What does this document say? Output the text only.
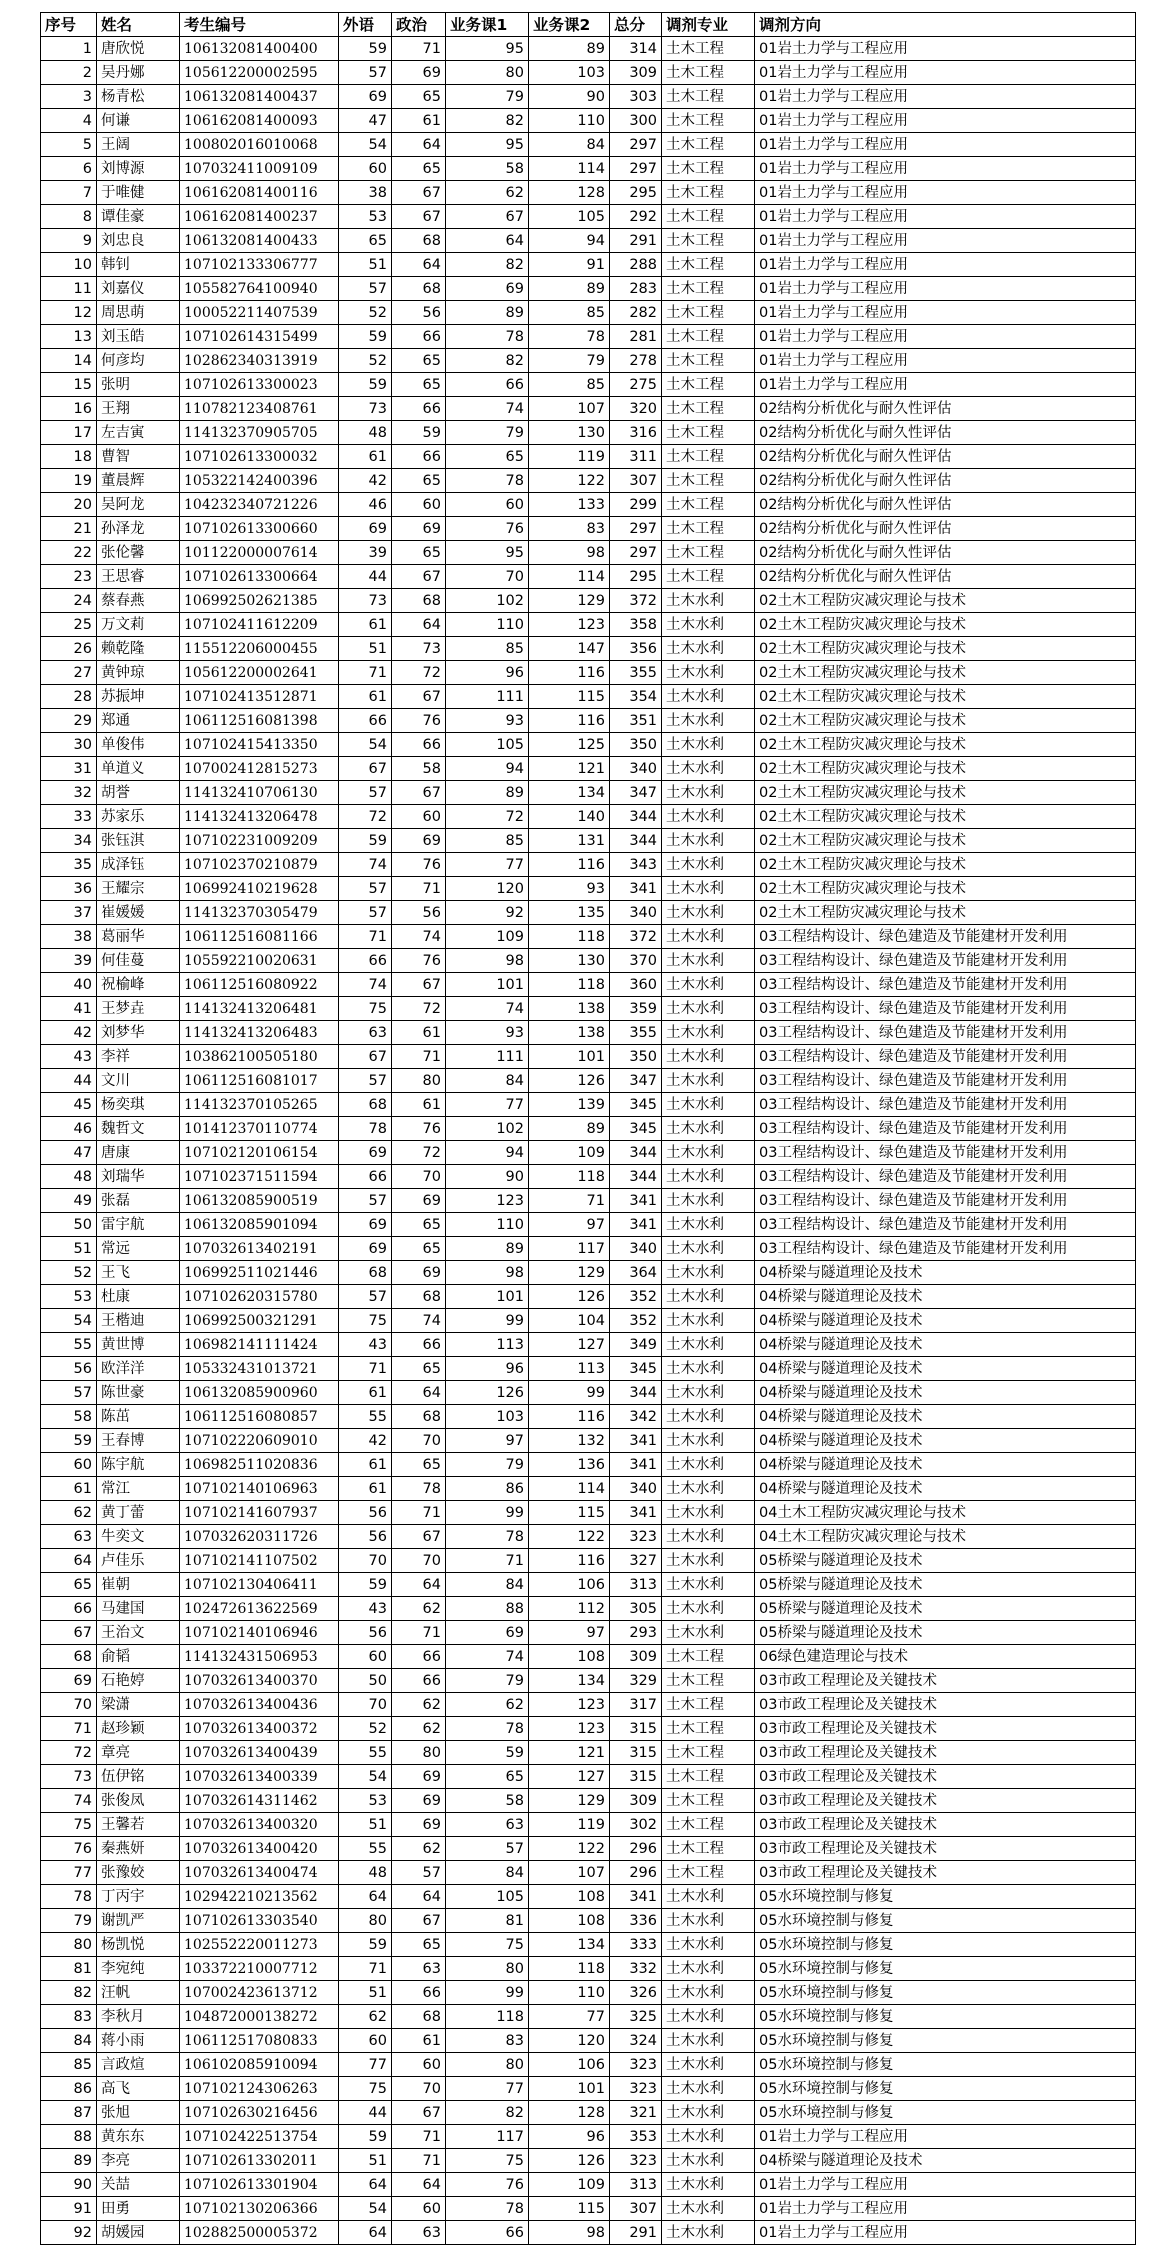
序号	姓名	考生编号	外语	政治	业务课1	业务课2	总分	调剂专业	调剂方向
1	唐欣悦	106132081400400	59	71	95	89	314	土木工程	01岩土力学与工程应用
2	吴丹娜	105612200002595	57	69	80	103	309	土木工程	01岩土力学与工程应用
3	杨青松	106132081400437	69	65	79	90	303	土木工程	01岩土力学与工程应用
4	何谦	106162081400093	47	61	82	110	300	土木工程	01岩土力学与工程应用
5	王阔	100802016010068	54	64	95	84	297	土木工程	01岩土力学与工程应用
6	刘博源	107032411009109	60	65	58	114	297	土木工程	01岩土力学与工程应用
7	于唯健	106162081400116	38	67	62	128	295	土木工程	01岩土力学与工程应用
8	谭佳豪	106162081400237	53	67	67	105	292	土木工程	01岩土力学与工程应用
9	刘忠良	106132081400433	65	68	64	94	291	土木工程	01岩土力学与工程应用
10	韩钊	107102133306777	51	64	82	91	288	土木工程	01岩土力学与工程应用
11	刘嘉仪	105582764100940	57	68	69	89	283	土木工程	01岩土力学与工程应用
12	周思萌	100052211407539	52	56	89	85	282	土木工程	01岩土力学与工程应用
13	刘玉皓	107102614315499	59	66	78	78	281	土木工程	01岩土力学与工程应用
14	何彦均	102862340313919	52	65	82	79	278	土木工程	01岩土力学与工程应用
15	张明	107102613300023	59	65	66	85	275	土木工程	01岩土力学与工程应用
16	王翔	110782123408761	73	66	74	107	320	土木工程	02结构分析优化与耐久性评估
17	左吉寅	114132370905705	48	59	79	130	316	土木工程	02结构分析优化与耐久性评估
18	曹智	107102613300032	61	66	65	119	311	土木工程	02结构分析优化与耐久性评估
19	董晨辉	105322142400396	42	65	78	122	307	土木工程	02结构分析优化与耐久性评估
20	吴阿龙	104232340721226	46	60	60	133	299	土木工程	02结构分析优化与耐久性评估
21	孙泽龙	107102613300660	69	69	76	83	297	土木工程	02结构分析优化与耐久性评估
22	张伦馨	101122000007614	39	65	95	98	297	土木工程	02结构分析优化与耐久性评估
23	王思睿	107102613300664	44	67	70	114	295	土木工程	02结构分析优化与耐久性评估
24	蔡春燕	106992502621385	73	68	102	129	372	土木水利	02土木工程防灾减灾理论与技术
25	万文莉	107102411612209	61	64	110	123	358	土木水利	02土木工程防灾减灾理论与技术
26	赖乾隆	115512206000455	51	73	85	147	356	土木水利	02土木工程防灾减灾理论与技术
27	黄钟琼	105612200002641	71	72	96	116	355	土木水利	02土木工程防灾减灾理论与技术
28	苏振坤	107102413512871	61	67	111	115	354	土木水利	02土木工程防灾减灾理论与技术
29	郑通	106112516081398	66	76	93	116	351	土木水利	02土木工程防灾减灾理论与技术
30	单俊伟	107102415413350	54	66	105	125	350	土木水利	02土木工程防灾减灾理论与技术
31	单道义	107002412815273	67	58	94	121	340	土木水利	02土木工程防灾减灾理论与技术
32	胡誉	114132410706130	57	67	89	134	347	土木水利	02土木工程防灾减灾理论与技术
33	苏家乐	114132413206478	72	60	72	140	344	土木水利	02土木工程防灾减灾理论与技术
34	张钰淇	107102231009209	59	69	85	131	344	土木水利	02土木工程防灾减灾理论与技术
35	成泽钰	107102370210879	74	76	77	116	343	土木水利	02土木工程防灾减灾理论与技术
36	王耀宗	106992410219628	57	71	120	93	341	土木水利	02土木工程防灾减灾理论与技术
37	崔媛媛	114132370305479	57	56	92	135	340	土木水利	02土木工程防灾减灾理论与技术
38	葛丽华	106112516081166	71	74	109	118	372	土木水利	03工程结构设计、绿色建造及节能建材开发利用
39	何佳蔓	105592210020631	66	76	98	130	370	土木水利	03工程结构设计、绿色建造及节能建材开发利用
40	祝榆峰	106112516080922	74	67	101	118	360	土木水利	03工程结构设计、绿色建造及节能建材开发利用
41	王梦垚	114132413206481	75	72	74	138	359	土木水利	03工程结构设计、绿色建造及节能建材开发利用
42	刘梦华	114132413206483	63	61	93	138	355	土木水利	03工程结构设计、绿色建造及节能建材开发利用
43	李祥	103862100505180	67	71	111	101	350	土木水利	03工程结构设计、绿色建造及节能建材开发利用
44	文川	106112516081017	57	80	84	126	347	土木水利	03工程结构设计、绿色建造及节能建材开发利用
45	杨奕琪	114132370105265	68	61	77	139	345	土木水利	03工程结构设计、绿色建造及节能建材开发利用
46	魏哲文	101412370110774	78	76	102	89	345	土木水利	03工程结构设计、绿色建造及节能建材开发利用
47	唐康	107102120106154	69	72	94	109	344	土木水利	03工程结构设计、绿色建造及节能建材开发利用
48	刘瑞华	107102371511594	66	70	90	118	344	土木水利	03工程结构设计、绿色建造及节能建材开发利用
49	张磊	106132085900519	57	69	123	71	341	土木水利	03工程结构设计、绿色建造及节能建材开发利用
50	雷宇航	106132085901094	69	65	110	97	341	土木水利	03工程结构设计、绿色建造及节能建材开发利用
51	常远	107032613402191	69	65	89	117	340	土木水利	03工程结构设计、绿色建造及节能建材开发利用
52	王飞	106992511021446	68	69	98	129	364	土木水利	04桥梁与隧道理论及技术
53	杜康	107102620315780	57	68	101	126	352	土木水利	04桥梁与隧道理论及技术
54	王楷迪	106992500321291	75	74	99	104	352	土木水利	04桥梁与隧道理论及技术
55	黄世博	106982141111424	43	66	113	127	349	土木水利	04桥梁与隧道理论及技术
56	欧洋洋	105332431013721	71	65	96	113	345	土木水利	04桥梁与隧道理论及技术
57	陈世豪	106132085900960	61	64	126	99	344	土木水利	04桥梁与隧道理论及技术
58	陈茁	106112516080857	55	68	103	116	342	土木水利	04桥梁与隧道理论及技术
59	王春博	107102220609010	42	70	97	132	341	土木水利	04桥梁与隧道理论及技术
60	陈宇航	106982511020836	61	65	79	136	341	土木水利	04桥梁与隧道理论及技术
61	常江	107102140106963	61	78	86	114	340	土木水利	04桥梁与隧道理论及技术
62	黄丁蕾	107102141607937	56	71	99	115	341	土木水利	04土木工程防灾减灾理论与技术
63	牛奕文	107032620311726	56	67	78	122	323	土木水利	04土木工程防灾减灾理论与技术
64	卢佳乐	107102141107502	70	70	71	116	327	土木水利	05桥梁与隧道理论及技术
65	崔朝	107102130406411	59	64	84	106	313	土木水利	05桥梁与隧道理论及技术
66	马建国	102472613622569	43	62	88	112	305	土木水利	05桥梁与隧道理论及技术
67	王治文	107102140106946	56	71	69	97	293	土木水利	05桥梁与隧道理论及技术
68	俞韬	114132431506953	60	66	74	108	309	土木工程	06绿色建造理论与技术
69	石艳婷	107032613400370	50	66	79	134	329	土木工程	03市政工程理论及关键技术
70	梁潇	107032613400436	70	62	62	123	317	土木工程	03市政工程理论及关键技术
71	赵珍颖	107032613400372	52	62	78	123	315	土木工程	03市政工程理论及关键技术
72	章亮	107032613400439	55	80	59	121	315	土木工程	03市政工程理论及关键技术
73	伍伊铭	107032613400339	54	69	65	127	315	土木工程	03市政工程理论及关键技术
74	张俊凤	107032614311462	53	69	58	129	309	土木工程	03市政工程理论及关键技术
75	王馨若	107032613400320	51	69	63	119	302	土木工程	03市政工程理论及关键技术
76	秦燕妍	107032613400420	55	62	57	122	296	土木工程	03市政工程理论及关键技术
77	张豫姣	107032613400474	48	57	84	107	296	土木工程	03市政工程理论及关键技术
78	丁丙宇	102942210213562	64	64	105	108	341	土木水利	05水环境控制与修复
79	谢凯严	107102613303540	80	67	81	108	336	土木水利	05水环境控制与修复
80	杨凯悦	102552220011273	59	65	75	134	333	土木水利	05水环境控制与修复
81	李宛纯	103372210007712	71	63	80	118	332	土木水利	05水环境控制与修复
82	汪帆	107002423613712	51	66	99	110	326	土木水利	05水环境控制与修复
83	李秋月	104872000138272	62	68	118	77	325	土木水利	05水环境控制与修复
84	蒋小雨	106112517080833	60	61	83	120	324	土木水利	05水环境控制与修复
85	言政煊	106102085910094	77	60	80	106	323	土木水利	05水环境控制与修复
86	高飞	107102124306263	75	70	77	101	323	土木水利	05水环境控制与修复
87	张旭	107102630216456	44	67	82	128	321	土木水利	05水环境控制与修复
88	黄东东	107102422513754	59	71	117	96	353	土木水利	01岩土力学与工程应用
89	李亮	107102613302011	51	71	75	126	323	土木水利	04桥梁与隧道理论及技术
90	关喆	107102613301904	64	64	76	109	313	土木水利	01岩土力学与工程应用
91	田勇	107102130206366	54	60	78	115	307	土木水利	01岩土力学与工程应用
92	胡媛园	102882500005372	64	63	66	98	291	土木水利	01岩土力学与工程应用
